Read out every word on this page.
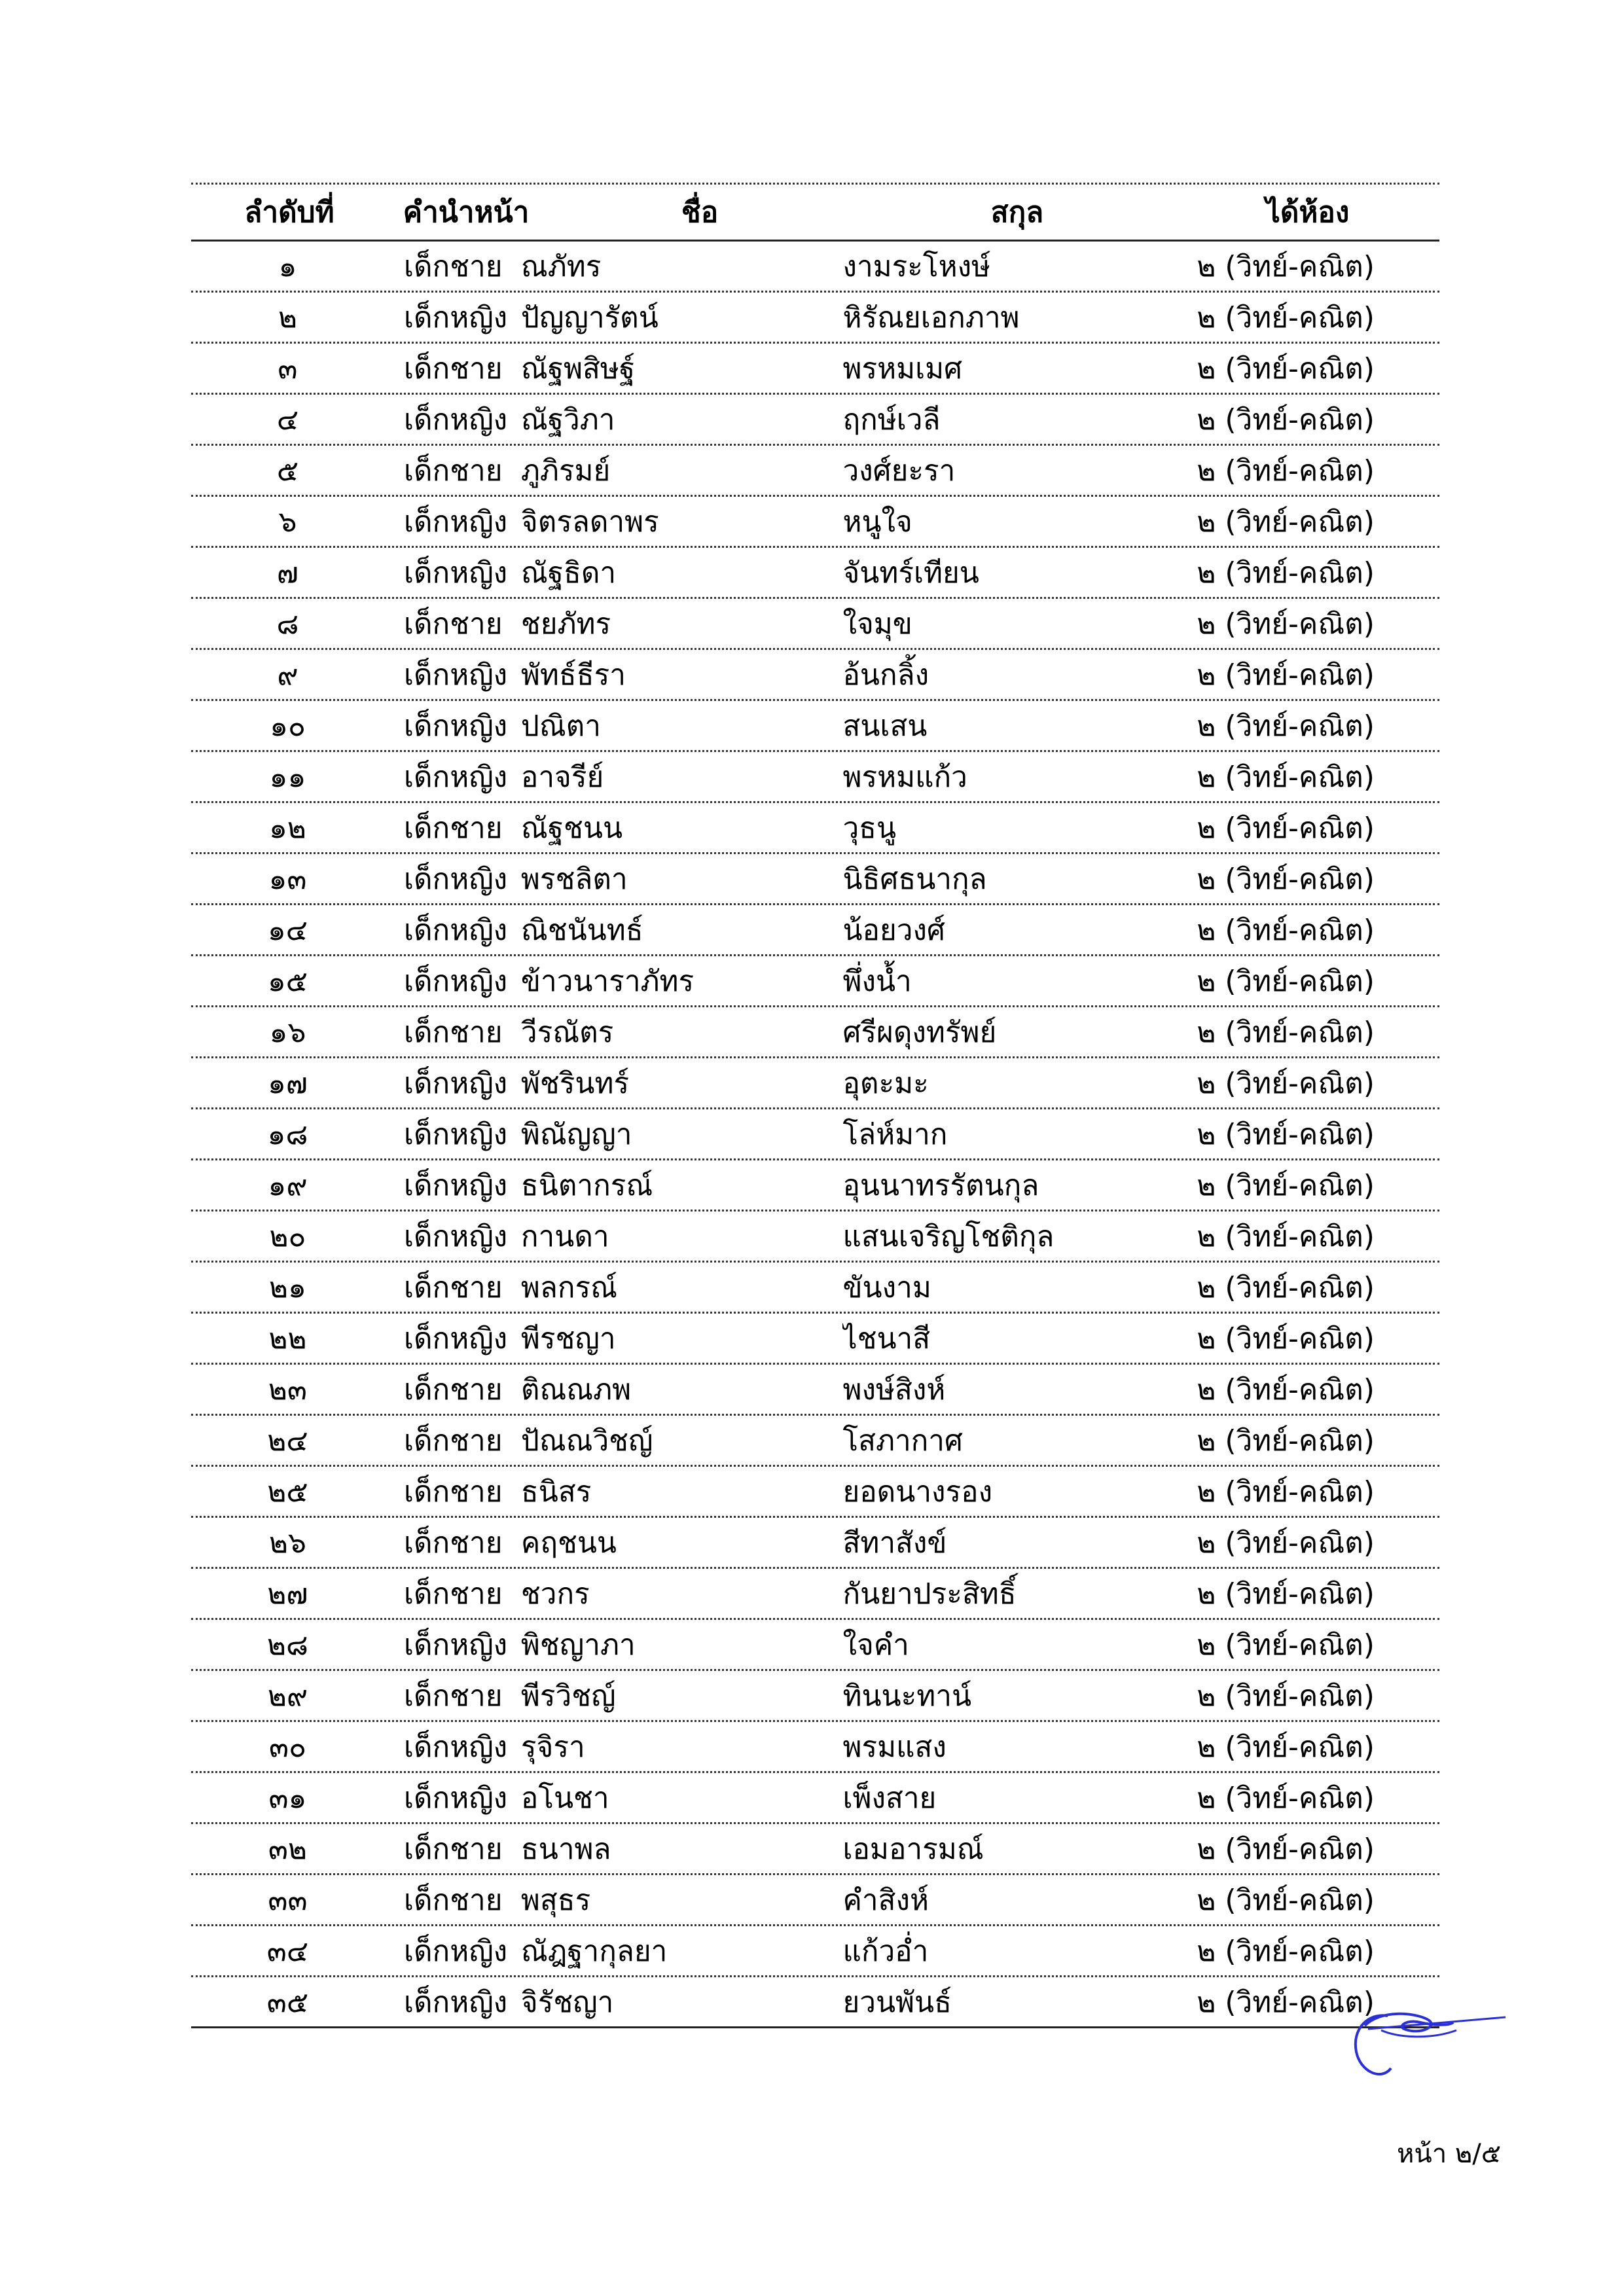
ลำดับที่	คำนำหน้า	ชื่อ	สกุล	ได้ห้อง
๑	เด็กชาย ณภัทร	งามระโหงษ์	๒ (วิทย์-คณิต)
๒	เด็กหญิง ปัญญารัตน์	หิรัณยเอกภาพ	๒ (วิทย์-คณิต)
๓	เด็กชาย ณัฐพสิษฐ์	พรหมเมศ	๒ (วิทย์-คณิต)
๔	เด็กหญิง ณัฐวิภา	ฤกษ์เวลี	๒ (วิทย์-คณิต)
๕	เด็กชาย ภูภิรมย์	วงศ์ยะรา	๒ (วิทย์-คณิต)
๖	เด็กหญิง จิตรลดาพร	หนูใจ	๒ (วิทย์-คณิต)
๗	เด็กหญิง ณัฐธิดา	จันทร์เทียน	๒ (วิทย์-คณิต)
๘	เด็กชาย ชยภัทร	ใจมุข	๒ (วิทย์-คณิต)
๙	เด็กหญิง พัทธ์ธีรา	อ้นกลิ้ง	๒ (วิทย์-คณิต)
๑๐	เด็กหญิง ปณิตา	สนเสน	๒ (วิทย์-คณิต)
๑๑	เด็กหญิง อาจรีย์	พรหมแก้ว	๒ (วิทย์-คณิต)
๑๒	เด็กชาย ณัฐชนน	วุธนู	๒ (วิทย์-คณิต)
๑๓	เด็กหญิง พรชลิตา	นิธิศธนากุล	๒ (วิทย์-คณิต)
๑๔	เด็กหญิง ณิชนันทธ์	น้อยวงศ์	๒ (วิทย์-คณิต)
๑๕	เด็กหญิง ข้าวนาราภัทร	พึ่งน้ำ	๒ (วิทย์-คณิต)
๑๖	เด็กชาย วีรณัตร	ศรีผดุงทรัพย์	๒ (วิทย์-คณิต)
๑๗	เด็กหญิง พัชรินทร์	อุตะมะ	๒ (วิทย์-คณิต)
๑๘	เด็กหญิง พิณัญญา	โล่ห์มาก	๒ (วิทย์-คณิต)
๑๙	เด็กหญิง ธนิตากรณ์	อุนนาทรรัตนกุล	๒ (วิทย์-คณิต)
๒๐	เด็กหญิง กานดา	แสนเจริญโชติกุล	๒ (วิทย์-คณิต)
๒๑	เด็กชาย พลกรณ์	ขันงาม	๒ (วิทย์-คณิต)
๒๒	เด็กหญิง พีรชญา	ไชนาสี	๒ (วิทย์-คณิต)
๒๓	เด็กชาย ติณณภพ	พงษ์สิงห์	๒ (วิทย์-คณิต)
๒๔	เด็กชาย ปัณณวิชญ์	โสภากาศ	๒ (วิทย์-คณิต)
๒๕	เด็กชาย ธนิสร	ยอดนางรอง	๒ (วิทย์-คณิต)
๒๖	เด็กชาย คฤชนน	สีทาสังข์	๒ (วิทย์-คณิต)
๒๗	เด็กชาย ชวกร	กันยาประสิทธิ์	๒ (วิทย์-คณิต)
๒๘	เด็กหญิง พิชญาภา	ใจคำ	๒ (วิทย์-คณิต)
๒๙	เด็กชาย พีรวิชญ์	ทินนะทาน์	๒ (วิทย์-คณิต)
๓๐	เด็กหญิง รุจิรา	พรมแสง	๒ (วิทย์-คณิต)
๓๑	เด็กหญิง อโนชา	เพ็งสาย	๒ (วิทย์-คณิต)
๓๒	เด็กชาย ธนาพล	เอมอารมณ์	๒ (วิทย์-คณิต)
๓๓	เด็กชาย พสุธร	คำสิงห์	๒ (วิทย์-คณิต)
๓๔	เด็กหญิง ณัฎฐากุลยา	แก้วอ่ำ	๒ (วิทย์-คณิต)
๓๕	เด็กหญิง จิรัชญา	ยวนพันธ์	๒ (วิทย์-คณิต)
หน้า ๒/๕
